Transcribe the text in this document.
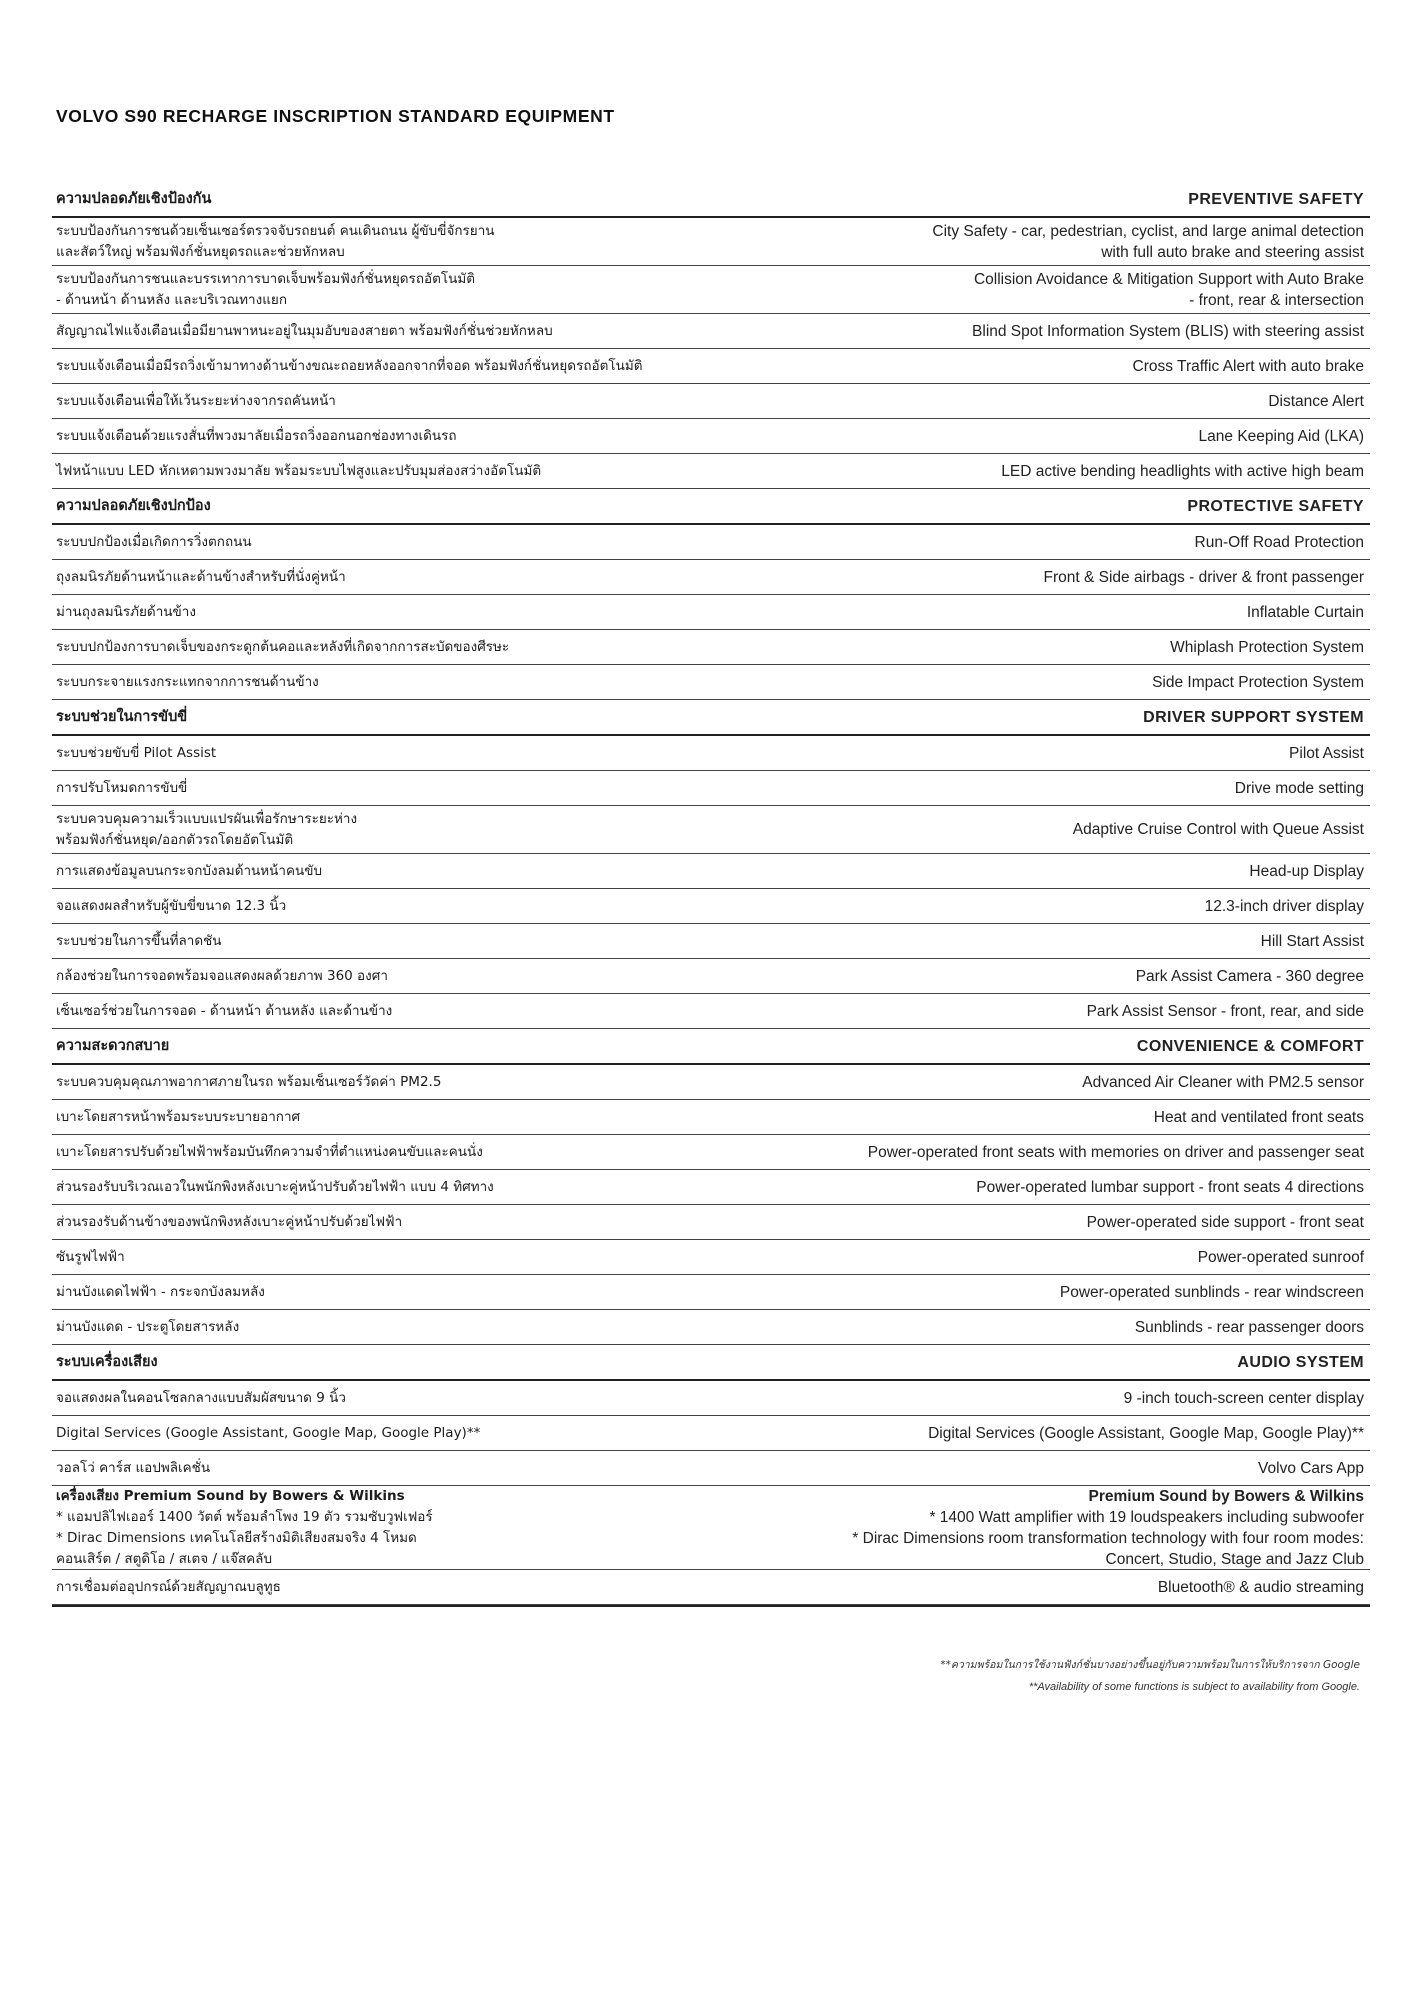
VOLVO S90 RECHARGE INSCRIPTION STANDARD EQUIPMENT
ความปลอดภัยเชิงป้องกัน	PREVENTIVE SAFETY
ระบบป้องกันการชนด้วยเซ็นเซอร์ตรวจจับรถยนต์ คนเดินถนน ผู้ขับขี่จักรยาน
และสัตว์ใหญ่ พร้อมฟังก์ชั่นหยุดรถและช่วยหักหลบ
City Safety - car, pedestrian, cyclist, and large animal detection
with full auto brake and steering assist
ระบบป้องกันการชนและบรรเทาการบาดเจ็บพร้อมฟังก์ชั่นหยุดรถอัตโนมัติ
- ด้านหน้า ด้านหลัง และบริเวณทางแยก
Collision Avoidance & Mitigation Support with Auto Brake
- front, rear & intersection
สัญญาณไฟแจ้งเตือนเมื่อมียานพาหนะอยู่ในมุมอับของสายตา พร้อมฟังก์ชั่นช่วยหักหลบ	Blind Spot Information System (BLIS) with steering assist
ระบบแจ้งเตือนเมื่อมีรถวิ่งเข้ามาทางด้านข้างขณะถอยหลังออกจากที่จอด พร้อมฟังก์ชั่นหยุดรถอัตโนมัติ	Cross Traffic Alert with auto brake
ระบบแจ้งเตือนเพื่อให้เว้นระยะห่างจากรถคันหน้า	Distance Alert
ระบบแจ้งเตือนด้วยแรงสั่นที่พวงมาลัยเมื่อรถวิ่งออกนอกช่องทางเดินรถ	Lane Keeping Aid (LKA)
ไฟหน้าแบบ LED หักเหตามพวงมาลัย พร้อมระบบไฟสูงและปรับมุมส่องสว่างอัตโนมัติ	LED active bending headlights with active high beam
ความปลอดภัยเชิงปกป้อง	PROTECTIVE SAFETY
ระบบปกป้องเมื่อเกิดการวิ่งตกถนน	Run-Off Road Protection
ถุงลมนิรภัยด้านหน้าและด้านข้างสำหรับที่นั่งคู่หน้า	Front & Side airbags - driver & front passenger
ม่านถุงลมนิรภัยด้านข้าง	Inflatable Curtain
ระบบปกป้องการบาดเจ็บของกระดูกต้นคอและหลังที่เกิดจากการสะบัดของศีรษะ	Whiplash Protection System
ระบบกระจายแรงกระแทกจากการชนด้านข้าง	Side Impact Protection System
ระบบช่วยในการขับขี่	DRIVER SUPPORT SYSTEM
ระบบช่วยขับขี่ Pilot Assist	Pilot Assist
การปรับโหมดการขับขี่	Drive mode setting
ระบบควบคุมความเร็วแบบแปรผันเพื่อรักษาระยะห่าง
พร้อมฟังก์ชั่นหยุด/ออกตัวรถโดยอัตโนมัติ
Adaptive Cruise Control with Queue Assist
การแสดงข้อมูลบนกระจกบังลมด้านหน้าคนขับ	Head-up Display
จอแสดงผลสำหรับผู้ขับขี่ขนาด 12.3 นิ้ว	12.3-inch driver display
ระบบช่วยในการขึ้นที่ลาดชัน	Hill Start Assist
กล้องช่วยในการจอดพร้อมจอแสดงผลด้วยภาพ 360 องศา	Park Assist Camera - 360 degree
เซ็นเซอร์ช่วยในการจอด - ด้านหน้า ด้านหลัง และด้านข้าง	Park Assist Sensor - front, rear, and side
ความสะดวกสบาย	CONVENIENCE & COMFORT
ระบบควบคุมคุณภาพอากาศภายในรถ พร้อมเซ็นเซอร์วัดค่า PM2.5	Advanced Air Cleaner with PM2.5 sensor
เบาะโดยสารหน้าพร้อมระบบระบายอากาศ	Heat and ventilated front seats
เบาะโดยสารปรับด้วยไฟฟ้าพร้อมบันทึกความจำที่ตำแหน่งคนขับและคนนั่ง	Power-operated front seats with memories on driver and passenger seat
ส่วนรองรับบริเวณเอวในพนักพิงหลังเบาะคู่หน้าปรับด้วยไฟฟ้า แบบ 4 ทิศทาง	Power-operated lumbar support - front seats 4 directions
ส่วนรองรับด้านข้างของพนักพิงหลังเบาะคู่หน้าปรับด้วยไฟฟ้า	Power-operated side support - front seat
ซันรูฟไฟฟ้า	Power-operated sunroof
ม่านบังแดดไฟฟ้า - กระจกบังลมหลัง	Power-operated sunblinds - rear windscreen
ม่านบังแดด - ประตูโดยสารหลัง	Sunblinds - rear passenger doors
ระบบเครื่องเสียง	AUDIO SYSTEM
จอแสดงผลในคอนโซลกลางแบบสัมผัสขนาด 9 นิ้ว	9 -inch touch-screen center display
Digital Services (Google Assistant, Google Map, Google Play)**	Digital Services (Google Assistant, Google Map, Google Play)**
วอลโว่ คาร์ส แอปพลิเคชั่น	Volvo Cars App
เครื่องเสียง Premium Sound by Bowers & Wilkins
* แอมปลิไฟเออร์ 1400 วัตต์ พร้อมลำโพง 19 ตัว รวมซับวูฟเฟอร์
* Dirac Dimensions เทคโนโลยีสร้างมิติเสียงสมจริง 4 โหมด
คอนเสิร์ต / สตูดิโอ / สเตจ / แจ๊สคลับ
Premium Sound by Bowers & Wilkins
* 1400 Watt amplifier with 19 loudspeakers including subwoofer
* Dirac Dimensions room transformation technology with four room modes:
Concert, Studio, Stage and Jazz Club
การเชื่อมต่ออุปกรณ์ด้วยสัญญาณบลูทูธ	Bluetooth® & audio streaming
**ความพร้อมในการใช้งานฟังก์ชั่นบางอย่างขึ้นอยู่กับความพร้อมในการให้บริการจาก Google
**Availability of some functions is subject to availability from Google.
